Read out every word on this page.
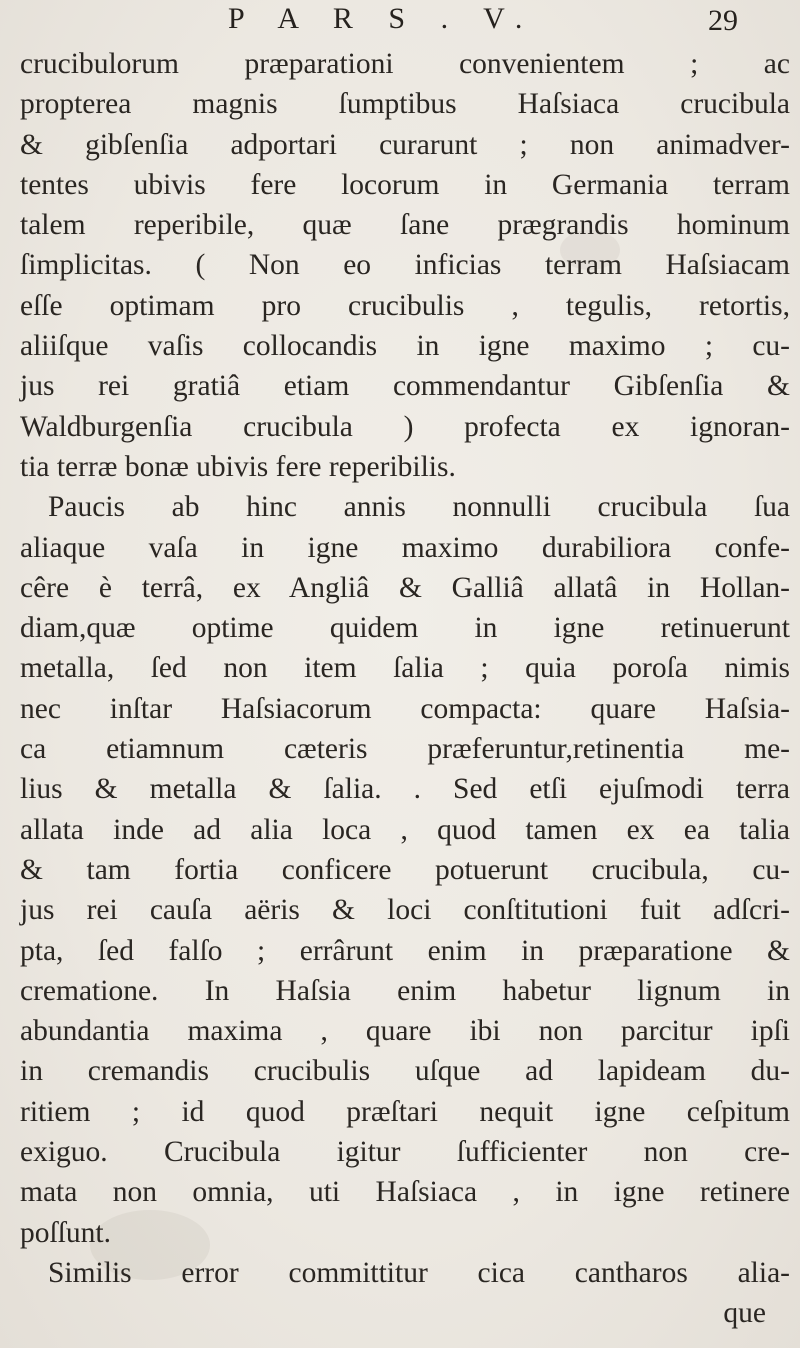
P A R S . V.	29
crucibulorum præparationi convenientem ; ac
propterea magnis ſumptibus Haſsiaca crucibula
& gibſenſia adportari curarunt ; non animadver-
tentes ubivis fere locorum in Germania terram
talem reperibile, quæ ſane prægrandis hominum
ſimplicitas. ( Non eo inficias terram Haſsiacam
eſſe optimam pro crucibulis , tegulis, retortis,
aliiſque vaſis collocandis in igne maximo ; cu-
jus rei gratiâ etiam commendantur Gibſenſia &
Waldburgenſia crucibula ) profecta ex ignoran-
tia terræ bonæ ubivis fere reperibilis.
Paucis ab hinc annis nonnulli crucibula ſua
aliaque vaſa in igne maximo durabiliora confe-
cêre è terrâ, ex Angliâ & Galliâ allatâ in Hollan-
diam,quæ optime quidem in igne retinuerunt
metalla, ſed non item ſalia ; quia poroſa nimis
nec inſtar Haſsiacorum compacta: quare Haſsia-
ca etiamnum cæteris præferuntur,retinentia me-
lius & metalla & ſalia. . Sed etſi ejuſmodi terra
allata inde ad alia loca , quod tamen ex ea talia
& tam fortia conficere potuerunt crucibula, cu-
jus rei cauſa aëris & loci conſtitutioni fuit adſcri-
pta, ſed falſo ; errârunt enim in præparatione &
crematione. In Haſsia enim habetur lignum in
abundantia maxima , quare ibi non parcitur ipſi
in cremandis crucibulis uſque ad lapideam du-
ritiem ; id quod præſtari nequit igne ceſpitum
exiguo. Crucibula igitur ſufficienter non cre-
mata non omnia, uti Haſsiaca , in igne retinere
poſſunt.
Similis error committitur cica cantharos alia-
que
